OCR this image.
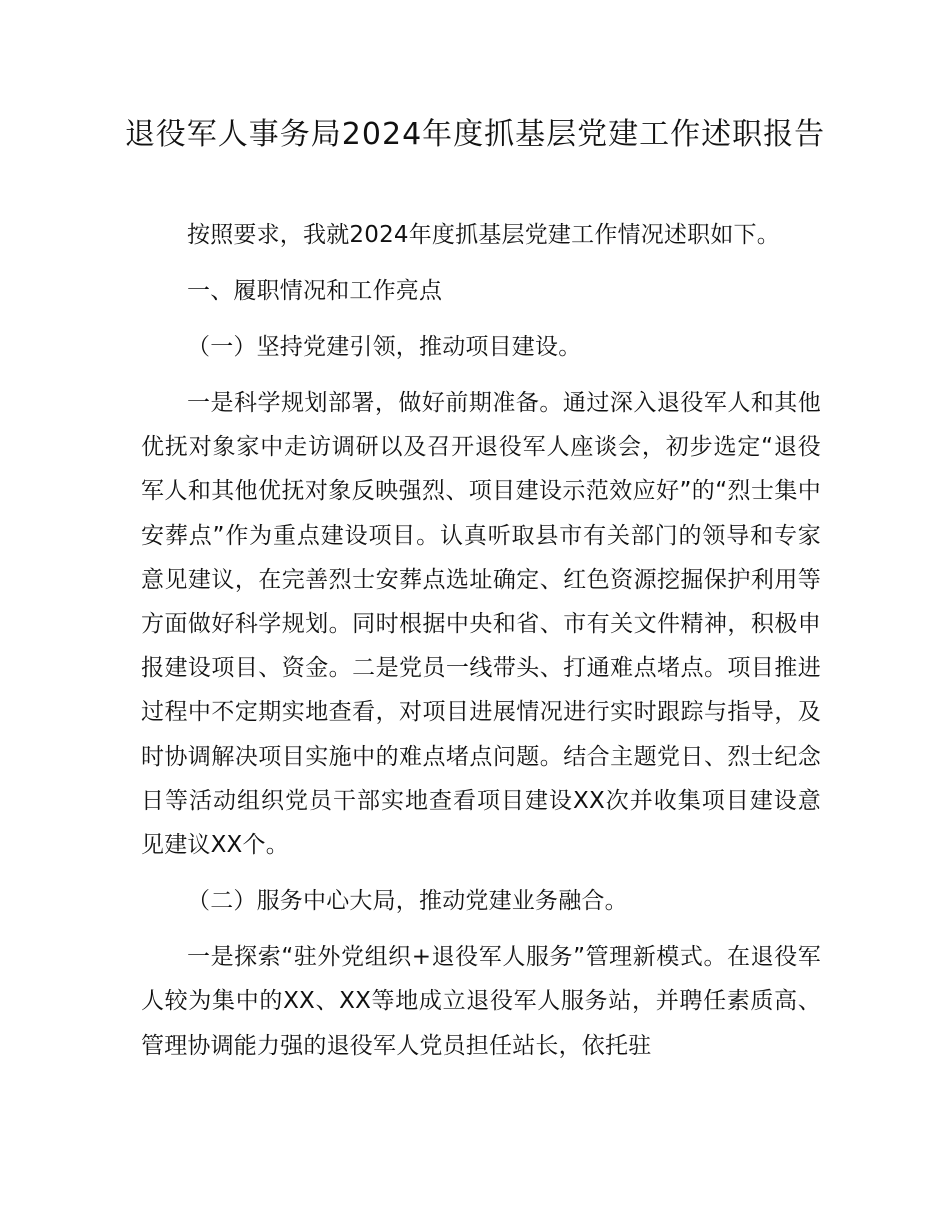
退役军人事务局2024年度抓基层党建工作述职报告

按照要求，我就2024年度抓基层党建工作情况述职如下。

一、履职情况和工作亮点

（一）坚持党建引领，推动项目建设。

一是科学规划部署，做好前期准备。通过深入退役军人和其他优抚对象家中走访调研以及召开退役军人座谈会，初步选定“退役军人和其他优抚对象反映强烈、项目建设示范效应好”的“烈士集中安葬点”作为重点建设项目。认真听取县市有关部门的领导和专家意见建议，在完善烈士安葬点选址确定、红色资源挖掘保护利用等方面做好科学规划。同时根据中央和省、市有关文件精神，积极申报建设项目、资金。二是党员一线带头、打通难点堵点。项目推进过程中不定期实地查看，对项目进展情况进行实时跟踪与指导，及时协调解决项目实施中的难点堵点问题。结合主题党日、烈士纪念日等活动组织党员干部实地查看项目建设XX次并收集项目建设意见建议XX个。

（二）服务中心大局，推动党建业务融合。

一是探索“驻外党组织+退役军人服务”管理新模式。在退役军人较为集中的XX、XX等地成立退役军人服务站，并聘任素质高、管理协调能力强的退役军人党员担任站长，依托驻
